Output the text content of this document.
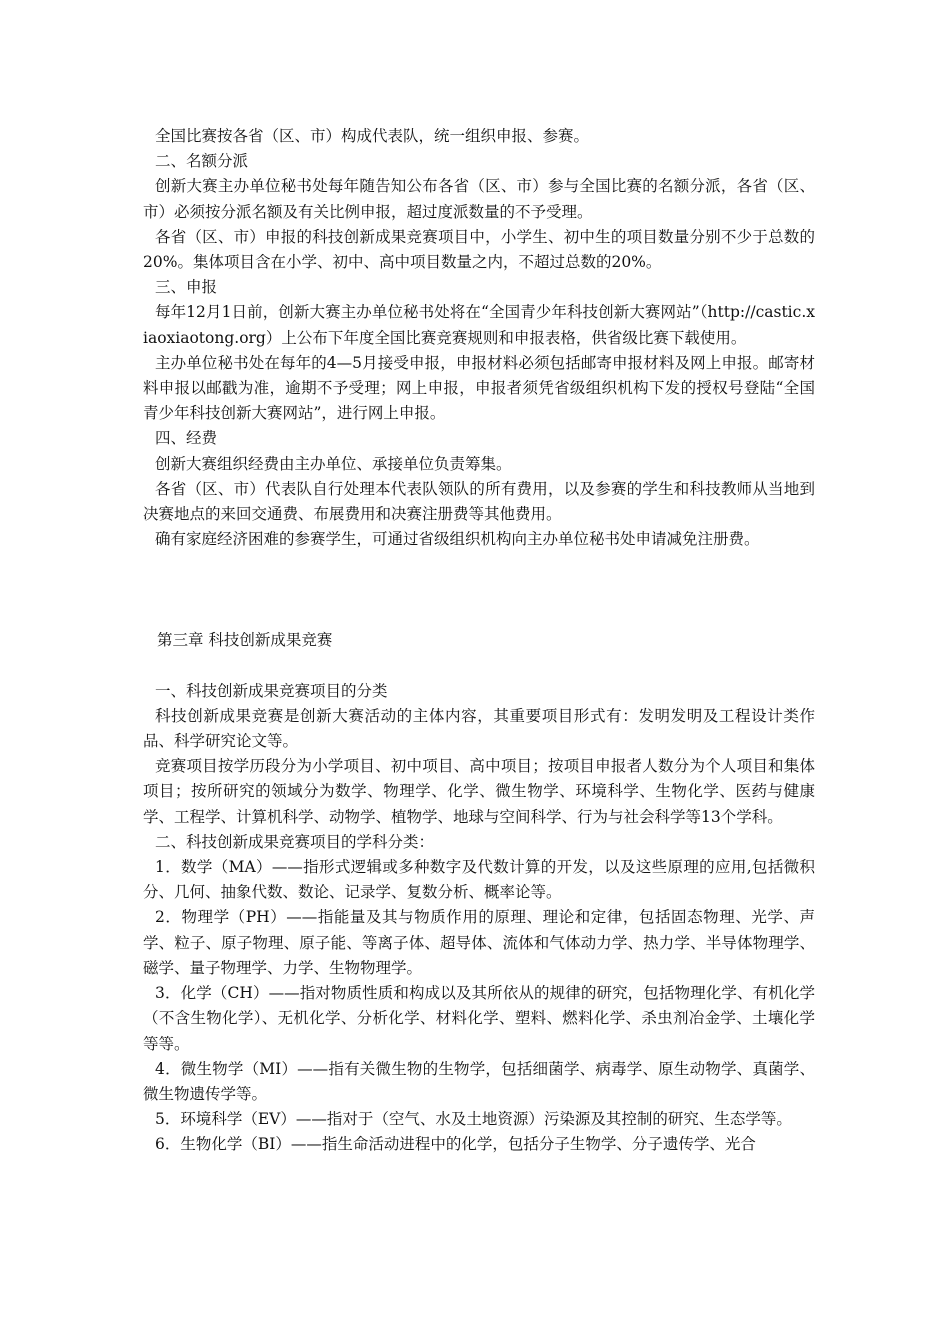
全国比赛按各省（区、市）构成代表队，统一组织申报、参赛。

二、名额分派

创新大赛主办单位秘书处每年随告知公布各省（区、市）参与全国比赛的名额分派，各省（区、市）必须按分派名额及有关比例申报，超过度派数量的不予受理。

各省（区、市）申报的科技创新成果竞赛项目中，小学生、初中生的项目数量分别不少于总数的20%。集体项目含在小学、初中、高中项目数量之内，不超过总数的20%。

三、申报

每年12月1日前，创新大赛主办单位秘书处将在“全国青少年科技创新大赛网站”（http://castic.xiaoxiaotong.org）上公布下年度全国比赛竞赛规则和申报表格，供省级比赛下载使用。

主办单位秘书处在每年的4—5月接受申报，申报材料必须包括邮寄申报材料及网上申报。邮寄材料申报以邮戳为准，逾期不予受理；网上申报，申报者须凭省级组织机构下发的授权号登陆“全国青少年科技创新大赛网站”，进行网上申报。

四、经费

创新大赛组织经费由主办单位、承接单位负责筹集。

各省（区、市）代表队自行处理本代表队领队的所有费用，以及参赛的学生和科技教师从当地到决赛地点的来回交通费、布展费用和决赛注册费等其他费用。

确有家庭经济困难的参赛学生，可通过省级组织机构向主办单位秘书处申请减免注册费。

第三章 科技创新成果竞赛

一、科技创新成果竞赛项目的分类

科技创新成果竞赛是创新大赛活动的主体内容，其重要项目形式有：发明发明及工程设计类作品、科学研究论文等。

竞赛项目按学历段分为小学项目、初中项目、高中项目；按项目申报者人数分为个人项目和集体项目；按所研究的领域分为数学、物理学、化学、微生物学、环境科学、生物化学、医药与健康学、工程学、计算机科学、动物学、植物学、地球与空间科学、行为与社会科学等13个学科。

二、科技创新成果竞赛项目的学科分类：

1．数学（MA）——指形式逻辑或多种数字及代数计算的开发，以及这些原理的应用,包括微积分、几何、抽象代数、数论、记录学、复数分析、概率论等。

2．物理学（PH）——指能量及其与物质作用的原理、理论和定律，包括固态物理、光学、声学、粒子、原子物理、原子能、等离子体、超导体、流体和气体动力学、热力学、半导体物理学、磁学、量子物理学、力学、生物物理学。

3．化学（CH）——指对物质性质和构成以及其所依从的规律的研究，包括物理化学、有机化学（不含生物化学）、无机化学、分析化学、材料化学、塑料、燃料化学、杀虫剂冶金学、土壤化学等等。

4．微生物学（MI）——指有关微生物的生物学，包括细菌学、病毒学、原生动物学、真菌学、微生物遗传学等。

5．环境科学（EV）——指对于（空气、水及土地资源）污染源及其控制的研究、生态学等。

6．生物化学（BI）——指生命活动进程中的化学，包括分子生物学、分子遗传学、光合
